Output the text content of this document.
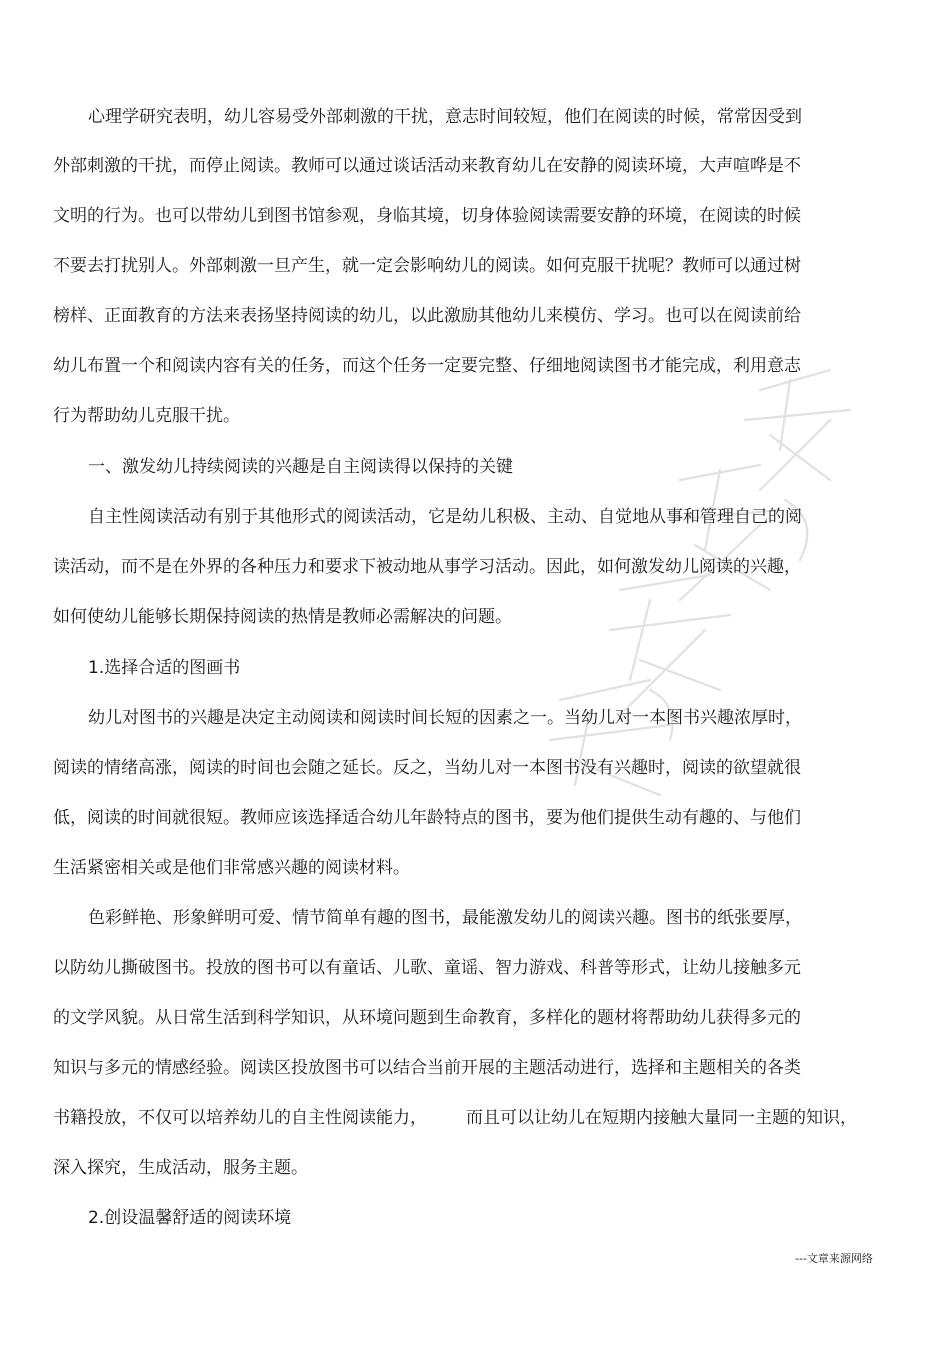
心理学研究表明，幼儿容易受外部刺激的干扰，意志时间较短，他们在阅读的时候，常常因受到
外部刺激的干扰，而停止阅读。教师可以通过谈话活动来教育幼儿在安静的阅读环境，大声喧哗是不
文明的行为。也可以带幼儿到图书馆参观，身临其境，切身体验阅读需要安静的环境，在阅读的时候
不要去打扰别人。外部刺激一旦产生，就一定会影响幼儿的阅读。如何克服干扰呢？教师可以通过树
榜样、正面教育的方法来表扬坚持阅读的幼儿，以此激励其他幼儿来模仿、学习。也可以在阅读前给
幼儿布置一个和阅读内容有关的任务，而这个任务一定要完整、仔细地阅读图书才能完成，利用意志
行为帮助幼儿克服干扰。
一、激发幼儿持续阅读的兴趣是自主阅读得以保持的关键
自主性阅读活动有别于其他形式的阅读活动，它是幼儿积极、主动、自觉地从事和管理自己的阅
读活动，而不是在外界的各种压力和要求下被动地从事学习活动。因此，如何激发幼儿阅读的兴趣，
如何使幼儿能够长期保持阅读的热情是教师必需解决的问题。
1.选择合适的图画书
幼儿对图书的兴趣是决定主动阅读和阅读时间长短的因素之一。当幼儿对一本图书兴趣浓厚时，
阅读的情绪高涨，阅读的时间也会随之延长。反之，当幼儿对一本图书没有兴趣时，阅读的欲望就很
低，阅读的时间就很短。教师应该选择适合幼儿年龄特点的图书，要为他们提供生动有趣的、与他们
生活紧密相关或是他们非常感兴趣的阅读材料。
色彩鲜艳、形象鲜明可爱、情节简单有趣的图书，最能激发幼儿的阅读兴趣。图书的纸张要厚，
以防幼儿撕破图书。投放的图书可以有童话、儿歌、童谣、智力游戏、科普等形式，让幼儿接触多元
的文学风貌。从日常生活到科学知识，从环境问题到生命教育，多样化的题材将帮助幼儿获得多元的
知识与多元的情感经验。阅读区投放图书可以结合当前开展的主题活动进行，选择和主题相关的各类
书籍投放，不仅可以培养幼儿的自主性阅读能力， 而且可以让幼儿在短期内接触大量同一主题的知识，
深入探究，生成活动，服务主题。
2.创设温馨舒适的阅读环境
---文章来源网络
